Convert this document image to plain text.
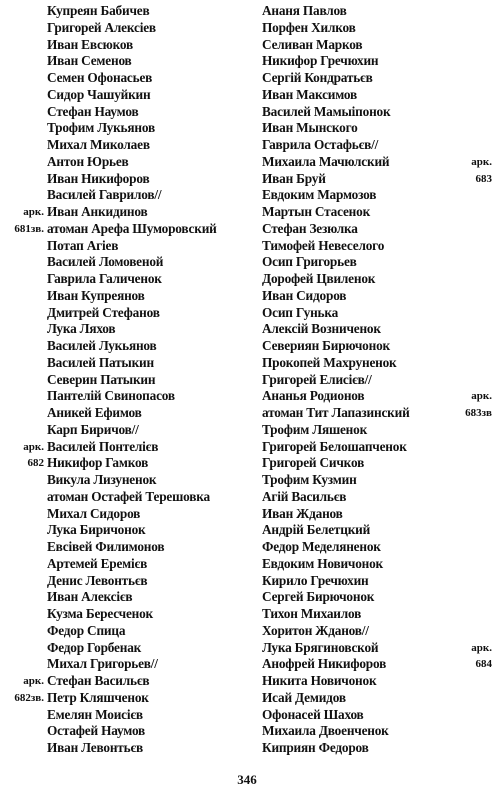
Купреян Бабичев
Григорей Алексіев
Иван Евсюков
Иван Семенов
Семен Офонасьев
Сидор Чашуйкин
Стефан Наумов
Трофим Лукьянов
Михал Миколаев
Антон Юрьев
Иван Никифоров
Василей Гаврилов//
Иван Анкидинов
атоман Арефа Шуморовский
Потап Агіев
Василей Ломовеной
Гаврила Галиченок
Иван Купреянов
Дмитрей Стефанов
Лука Ляхов
Василей Лукьянов
Василей Патыкин
Северин Патыкин
Пантелій Свинопасов
Аникей Ефимов
Карп Биричов//
Василей Понтелієв
Никифор Гамков
Викула Лизуненок
атоман Остафей Терешовка
Михал Сидоров
Лука Биричонок
Евсівей Филимонов
Артемей Еремієв
Денис Левонтьєв
Иван Алексієв
Кузма Бересченок
Федор Спица
Федор Горбенак
Михал Григорьев//
Стефан Васильєв
Петр Кляшченок
Емелян Моисієв
Остафей Наумов
Иван Левонтьєв
Ананя Павлов
Порфен Хилков
Селиван Марков
Никифор Гречюхин
Сергій Кондратьєв
Иван Максимов
Василей Мамыіпонок
Иван Мынского
Гаврила Остафьєв//
Михаила Мачюлский
Иван Бруй
Евдоким Мармозов
Мартын Стасенок
Стефан Зезюлка
Тимофей Невеселого
Осип Григорьев
Дорофей Цвиленок
Иван Сидоров
Осип Гунька
Алексій Возниченок
Севериян Бирючонок
Прокопей Махруненок
Григорей Елисієв//
Ананья Родионов
атоман Тит Лапазинский
Трофим Ляшенок
Григорей Белошапченок
Григорей Сичков
Трофим Кузмин
Агій Васильєв
Иван Жданов
Андрій Белетцкий
Федор Меделяненок
Евдоким Новичонок
Кирило Гречюхин
Сергей Бирючонок
Тихон Михаилов
Хоритон Жданов//
Лука Брягиновской
Анофрей Никифоров
Никита Новичонок
Исай Демидов
Офонасей Шахов
Михаила Двоенченок
Киприян Федоров
арк.
681зв.
арк.
682
арк.
682зв.
арк.
683
арк.
683зв
арк.
684
346
